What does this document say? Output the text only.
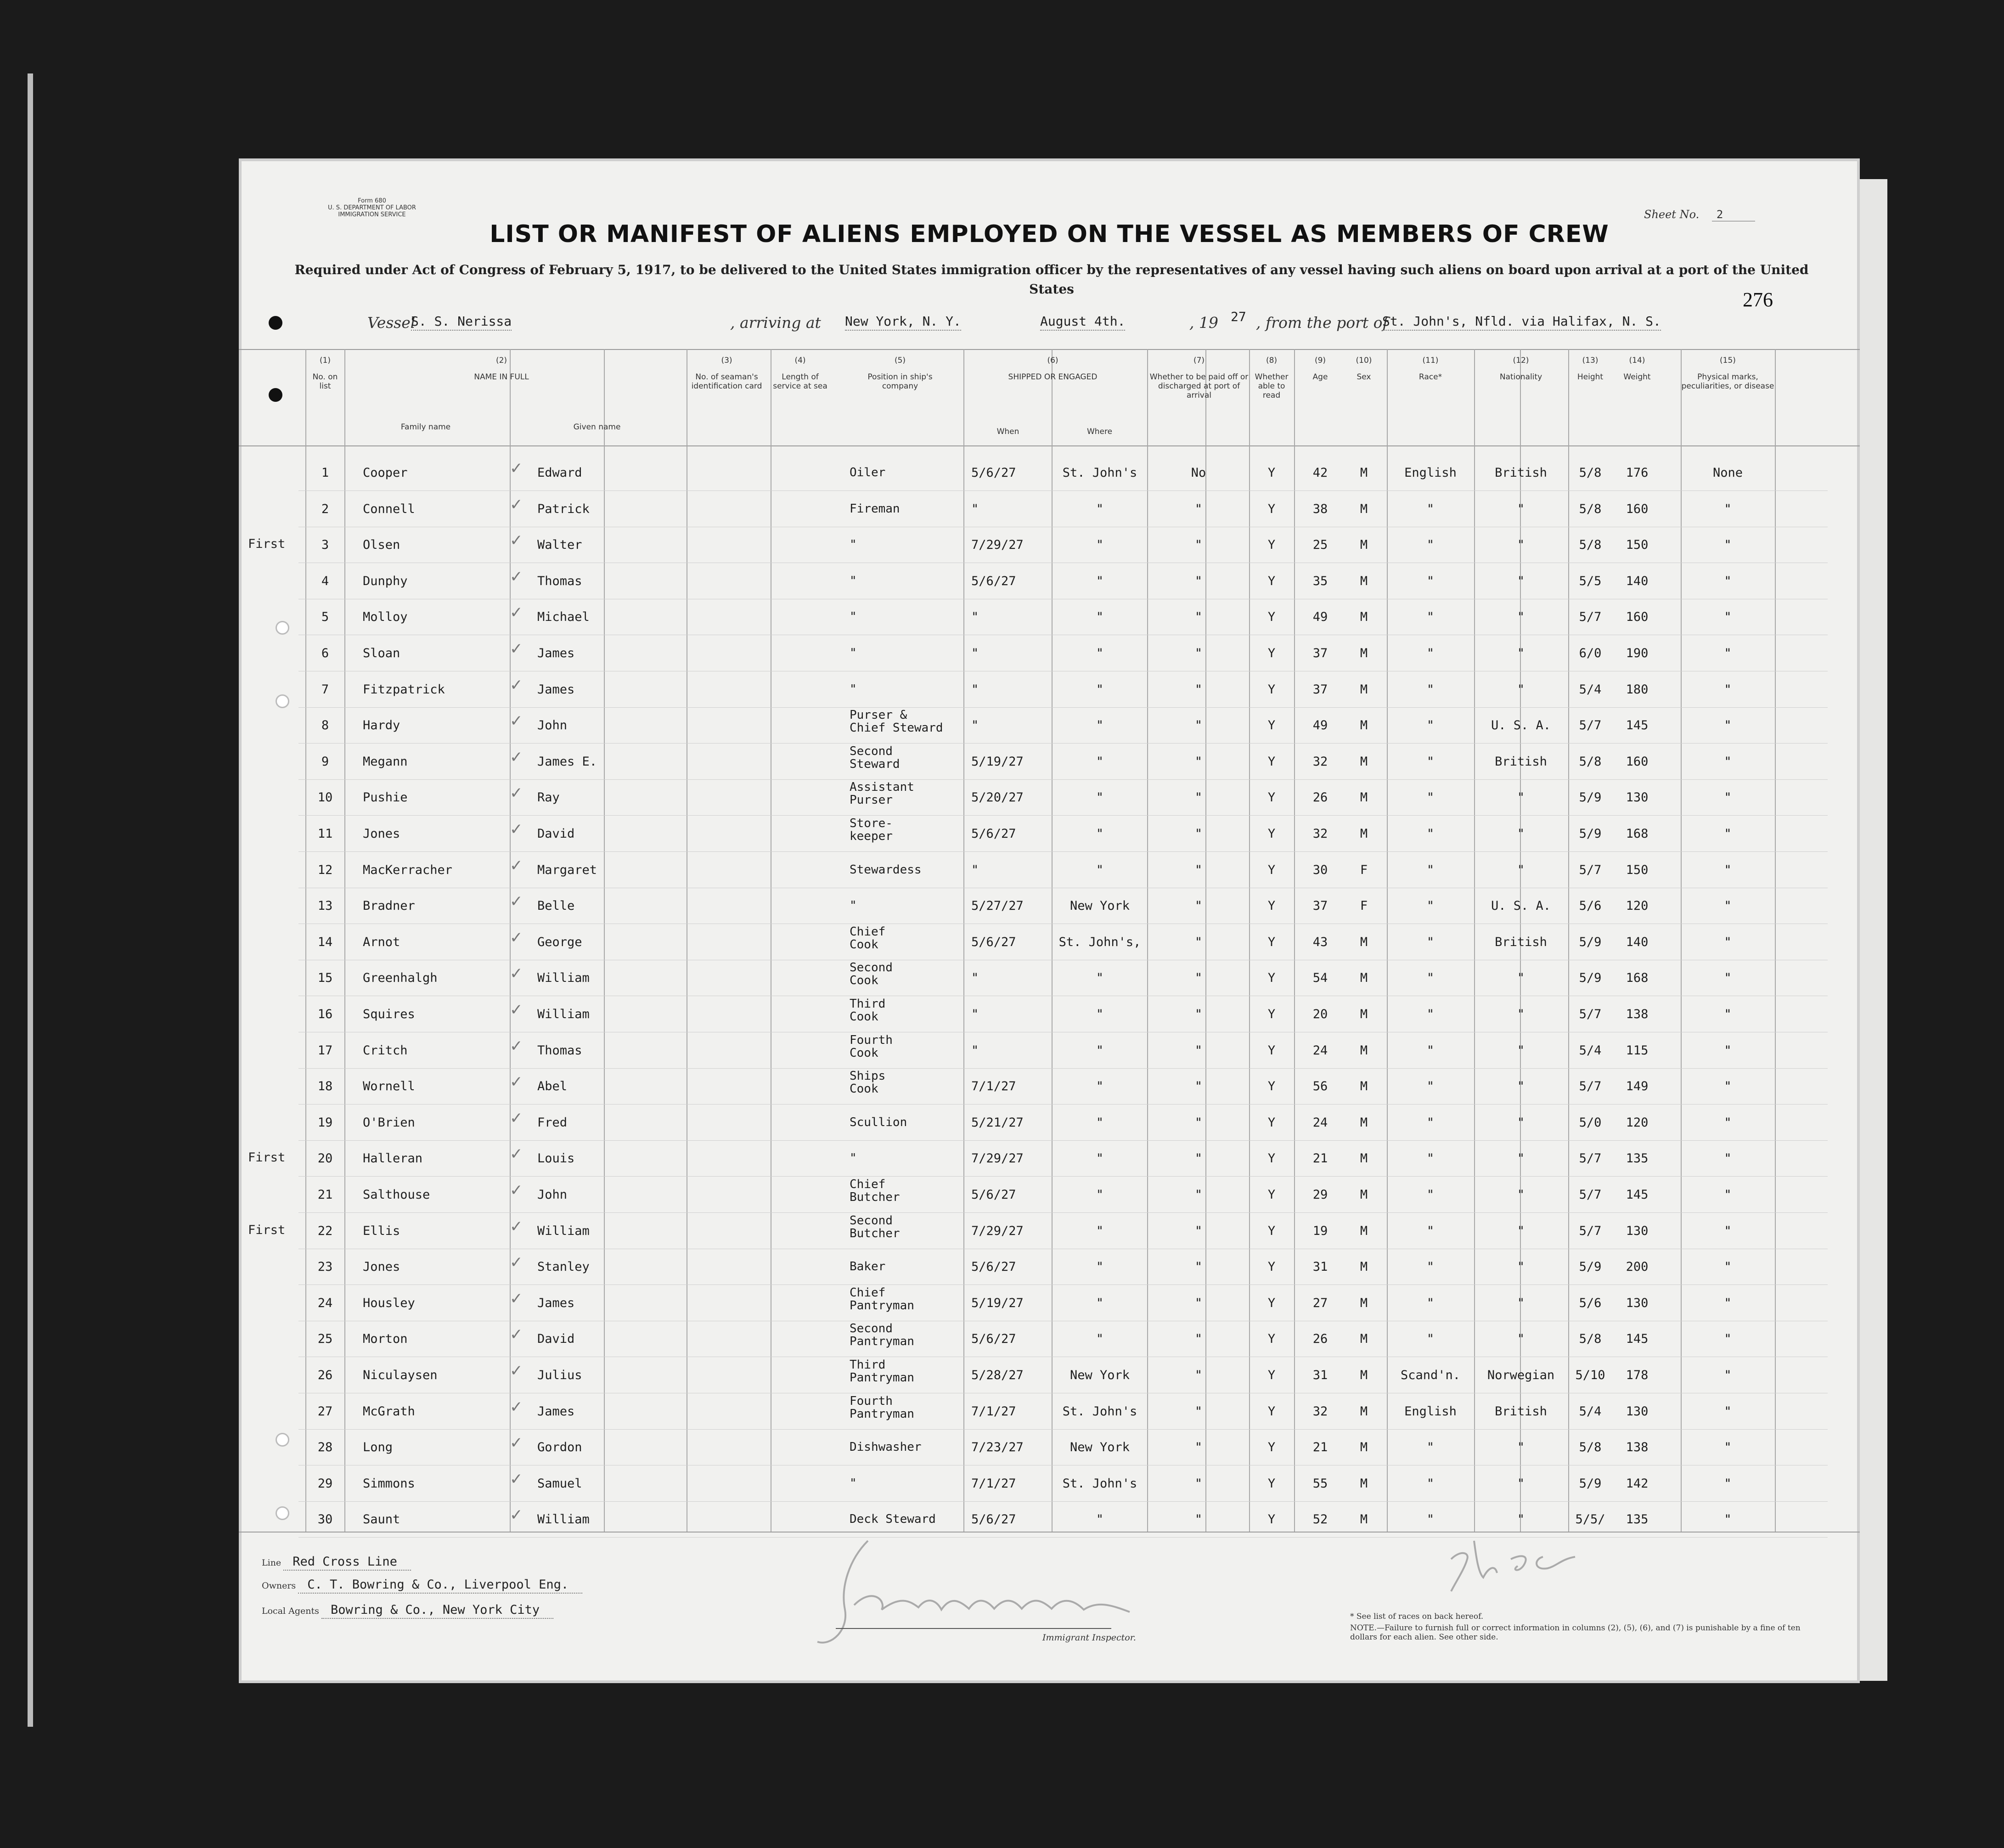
Form 680
U. S. DEPARTMENT OF LABOR
IMMIGRATION SERVICE	Sheet No. 2
LIST OR MANIFEST OF ALIENS EMPLOYED ON THE VESSEL AS MEMBERS OF CREW
Required under Act of Congress of February 5, 1917, to be delivered to the United States immigration officer by the representatives of any vessel having such aliens on board upon arrival at a port of the United States	276
Vessel
S. S. Nerissa	, arriving at New York, N. Y.	August 4th.	, 19 27 , from the port of
St. John's, Nfld. via Halifax, N. S.
(1)
No. on list
(2)
NAME IN FULL
Family name	Given name
(3)
No. of seaman's identification card
(4)
Length of service at sea
(5)
Position in ship's company
(6)
SHIPPED OR ENGAGED
When	Where
(7)
Whether to be paid off or discharged at port of arrival
(8)
Whether able to read
(9)
Age
(10)
Sex
(11)
Race*
(12)
Nationality
(13)
Height
(14)
Weight
(15)
Physical marks, peculiarities, or disease
✓
1	Cooper	Edward	Oiler	5/6/27	St. John's	No	Y	42	M	English	British	5/8	176	None
✓
2	Connell	Patrick	Fireman	"	"	"	Y	38	M	"	"	5/8	160	"
First	✓
3	Olsen	Walter	"	7/29/27	"	"	Y	25	M	"	"	5/8	150	"
✓
4	Dunphy	Thomas	"	5/6/27	"	"	Y	35	M	"	"	5/5	140	"
✓
5	Molloy	Michael	"	"	"	"	Y	49	M	"	"	5/7	160	"
✓
6	Sloan	James	"	"	"	"	Y	37	M	"	"	6/0	190	"
✓
7	Fitzpatrick	James	"	"	"	"	Y	37	M	"	"	5/4	180	"
✓
8	Hardy	John
Purser &
Chief Steward	"	"	"	Y	49	M	"	U. S. A.	5/7	145	"
✓
9	Megann	James E.
Second
Steward	5/19/27	"	"	Y	32	M	"	British	5/8	160	"
✓
10	Pushie	Ray
Assistant
Purser	5/20/27	"	"	Y	26	M	"	"	5/9	130	"
✓
11	Jones	David
Store-
keeper	5/6/27	"	"	Y	32	M	"	"	5/9	168	"
✓
12	MacKerracher	Margaret	Stewardess	"	"	"	Y	30	F	"	"	5/7	150	"
✓
13	Bradner	Belle	"	5/27/27	New York	"	Y	37	F	"	U. S. A.	5/6	120	"
✓
14	Arnot	George
Chief
Cook	5/6/27	St. John's,	"	Y	43	M	"	British	5/9	140	"
✓
15	Greenhalgh	William
Second
Cook	"	"	"	Y	54	M	"	"	5/9	168	"
✓
16	Squires	William
Third
Cook	"	"	"	Y	20	M	"	"	5/7	138	"
✓
17	Critch	Thomas
Fourth
Cook	"	"	"	Y	24	M	"	"	5/4	115	"
✓
18	Wornell	Abel
Ships
Cook	7/1/27	"	"	Y	56	M	"	"	5/7	149	"
✓
19	O'Brien	Fred	Scullion	5/21/27	"	"	Y	24	M	"	"	5/0	120	"
First	✓
20	Halleran	Louis	"	7/29/27	"	"	Y	21	M	"	"	5/7	135	"
✓
21	Salthouse	John
Chief
Butcher	5/6/27	"	"	Y	29	M	"	"	5/7	145	"
First	✓
22	Ellis	William
Second
Butcher	7/29/27	"	"	Y	19	M	"	"	5/7	130	"
✓
23	Jones	Stanley	Baker	5/6/27	"	"	Y	31	M	"	"	5/9	200	"
✓
24	Housley	James
Chief
Pantryman	5/19/27	"	"	Y	27	M	"	"	5/6	130	"
✓
25	Morton	David
Second
Pantryman	5/6/27	"	"	Y	26	M	"	"	5/8	145	"
✓
26	Niculaysen	Julius
Third
Pantryman	5/28/27	New York	"	Y	31	M	Scand'n.	Norwegian	5/10	178	"
✓
27	McGrath	James
Fourth
Pantryman	7/1/27	St. John's	"	Y	32	M	English	British	5/4	130	"
✓
28	Long	Gordon	Dishwasher	7/23/27	New York	"	Y	21	M	"	"	5/8	138	"
✓
29	Simmons	Samuel	"	7/1/27	St. John's	"	Y	55	M	"	"	5/9	142	"
✓
30	Saunt	William	Deck Steward	5/6/27	"	"	Y	52	M	"	"	5/5/	135	"
Line Red Cross Line
Owners C. T. Bowring & Co., Liverpool Eng.
Local Agents Bowring & Co., New York City
Immigrant Inspector.
* See list of races on back hereof.
NOTE.—Failure to furnish full or correct information in columns (2), (5), (6), and (7) is punishable by a fine of ten dollars for each alien. See other side.
